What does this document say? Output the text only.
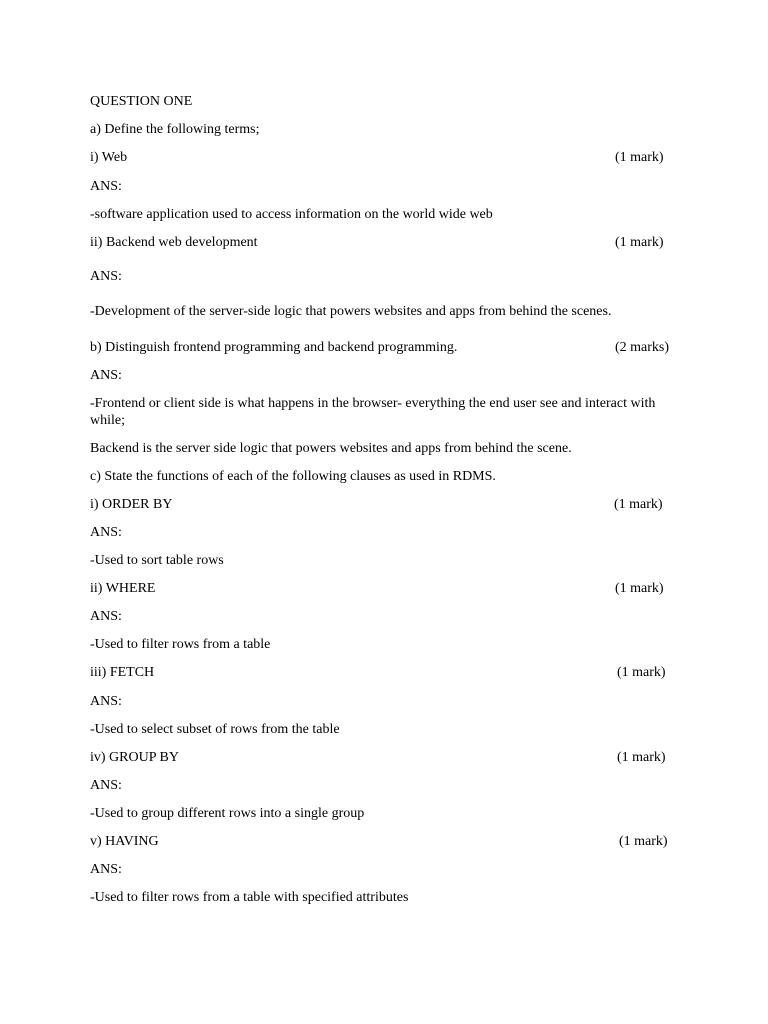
QUESTION ONE
a) Define the following terms;
i) Web	(1 mark)
ANS:
-software application used to access information on the world wide web
ii) Backend web development	(1 mark)
ANS:
-Development of the server-side logic that powers websites and apps from behind the scenes.
b) Distinguish frontend programming and backend programming.	(2 marks)
ANS:
-Frontend or client side is what happens in the browser- everything the end user see and interact with while;
Backend is the server side logic that powers websites and apps from behind the scene.
c) State the functions of each of the following clauses as used in RDMS.
i) ORDER BY	(1 mark)
ANS:
-Used to sort table rows
ii) WHERE	(1 mark)
ANS:
-Used to filter rows from a table
iii) FETCH	(1 mark)
ANS:
-Used to select subset of rows from the table
iv) GROUP BY	(1 mark)
ANS:
-Used to group different rows into a single group
v) HAVING	(1 mark)
ANS:
-Used to filter rows from a table with specified attributes
